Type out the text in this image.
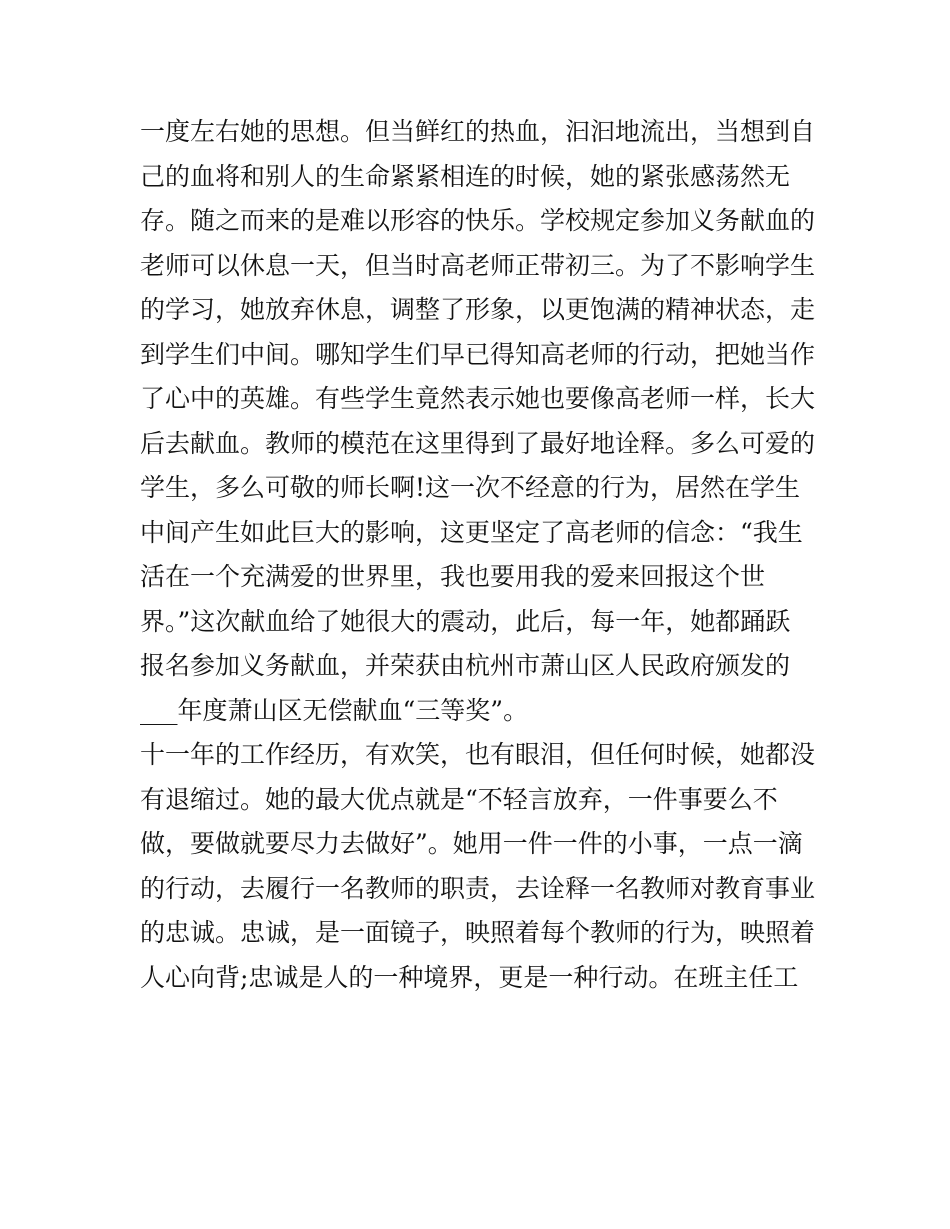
一度左右她的思想。但当鲜红的热血，汩汩地流出，当想到自
己的血将和别人的生命紧紧相连的时候，她的紧张感荡然无
存。随之而来的是难以形容的快乐。学校规定参加义务献血的
老师可以休息一天，但当时高老师正带初三。为了不影响学生
的学习，她放弃休息，调整了形象，以更饱满的精神状态，走
到学生们中间。哪知学生们早已得知高老师的行动，把她当作
了心中的英雄。有些学生竟然表示她也要像高老师一样，长大
后去献血。教师的模范在这里得到了最好地诠释。多么可爱的
学生，多么可敬的师长啊!这一次不经意的行为，居然在学生
中间产生如此巨大的影响，这更坚定了高老师的信念：“我生
活在一个充满爱的世界里，我也要用我的爱来回报这个世
界。”这次献血给了她很大的震动，此后，每一年，她都踊跃
报名参加义务献血，并荣获由杭州市萧山区人民政府颁发的
___年度萧山区无偿献血“三等奖”。
十一年的工作经历，有欢笑，也有眼泪，但任何时候，她都没
有退缩过。她的最大优点就是“不轻言放弃，一件事要么不
做，要做就要尽力去做好”。她用一件一件的小事，一点一滴
的行动，去履行一名教师的职责，去诠释一名教师对教育事业
的忠诚。忠诚，是一面镜子，映照着每个教师的行为，映照着
人心向背;忠诚是人的一种境界，更是一种行动。在班主任工
